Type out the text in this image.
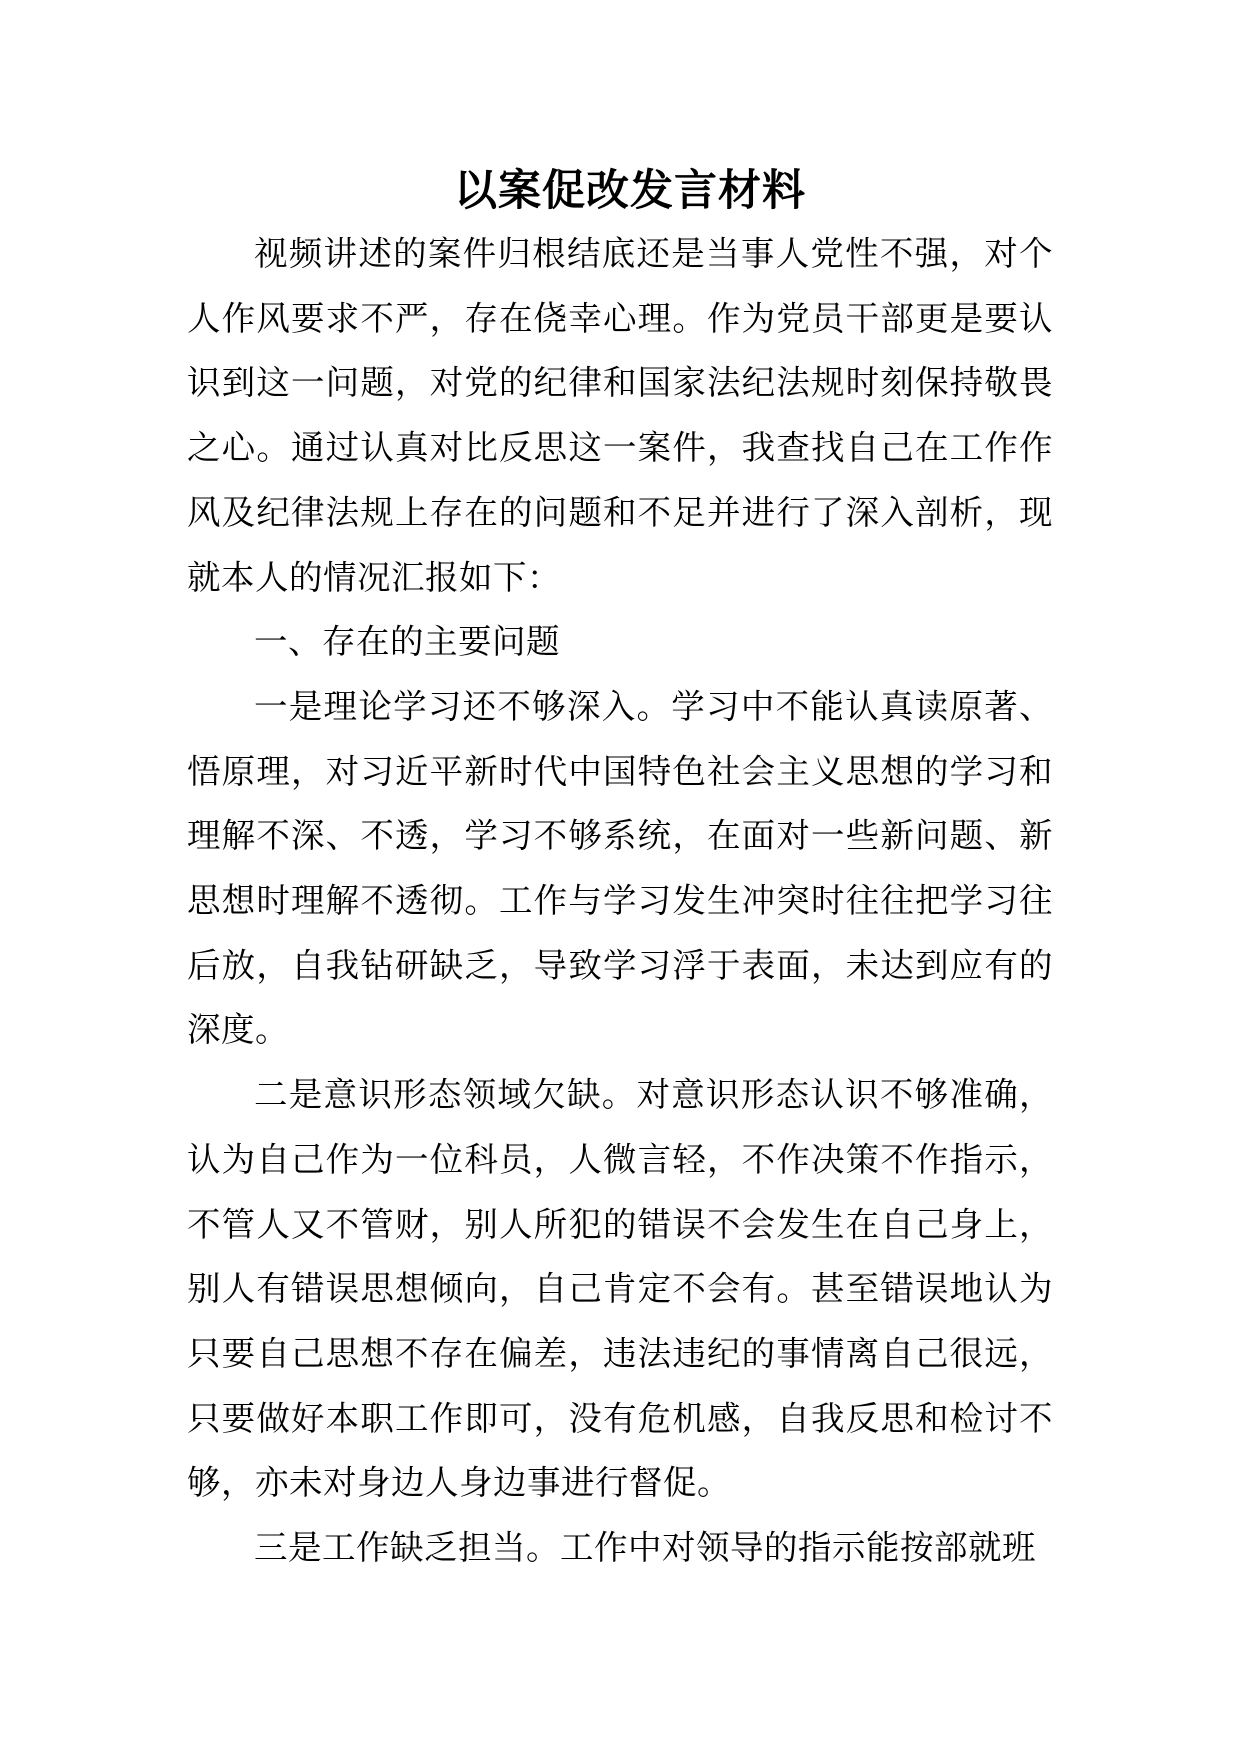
以案促改发言材料

视频讲述的案件归根结底还是当事人党性不强，对个人作风要求不严，存在侥幸心理。作为党员干部更是要认识到这一问题，对党的纪律和国家法纪法规时刻保持敬畏之心。通过认真对比反思这一案件，我查找自己在工作作风及纪律法规上存在的问题和不足并进行了深入剖析，现就本人的情况汇报如下：

一、存在的主要问题

一是理论学习还不够深入。学习中不能认真读原著、悟原理，对习近平新时代中国特色社会主义思想的学习和理解不深、不透，学习不够系统，在面对一些新问题、新思想时理解不透彻。工作与学习发生冲突时往往把学习往后放，自我钻研缺乏，导致学习浮于表面，未达到应有的深度。

二是意识形态领域欠缺。对意识形态认识不够准确，认为自己作为一位科员，人微言轻，不作决策不作指示，不管人又不管财，别人所犯的错误不会发生在自己身上，别人有错误思想倾向，自己肯定不会有。甚至错误地认为只要自己思想不存在偏差，违法违纪的事情离自己很远，只要做好本职工作即可，没有危机感，自我反思和检讨不够，亦未对身边人身边事进行督促。

三是工作缺乏担当。工作中对领导的指示能按部就班
